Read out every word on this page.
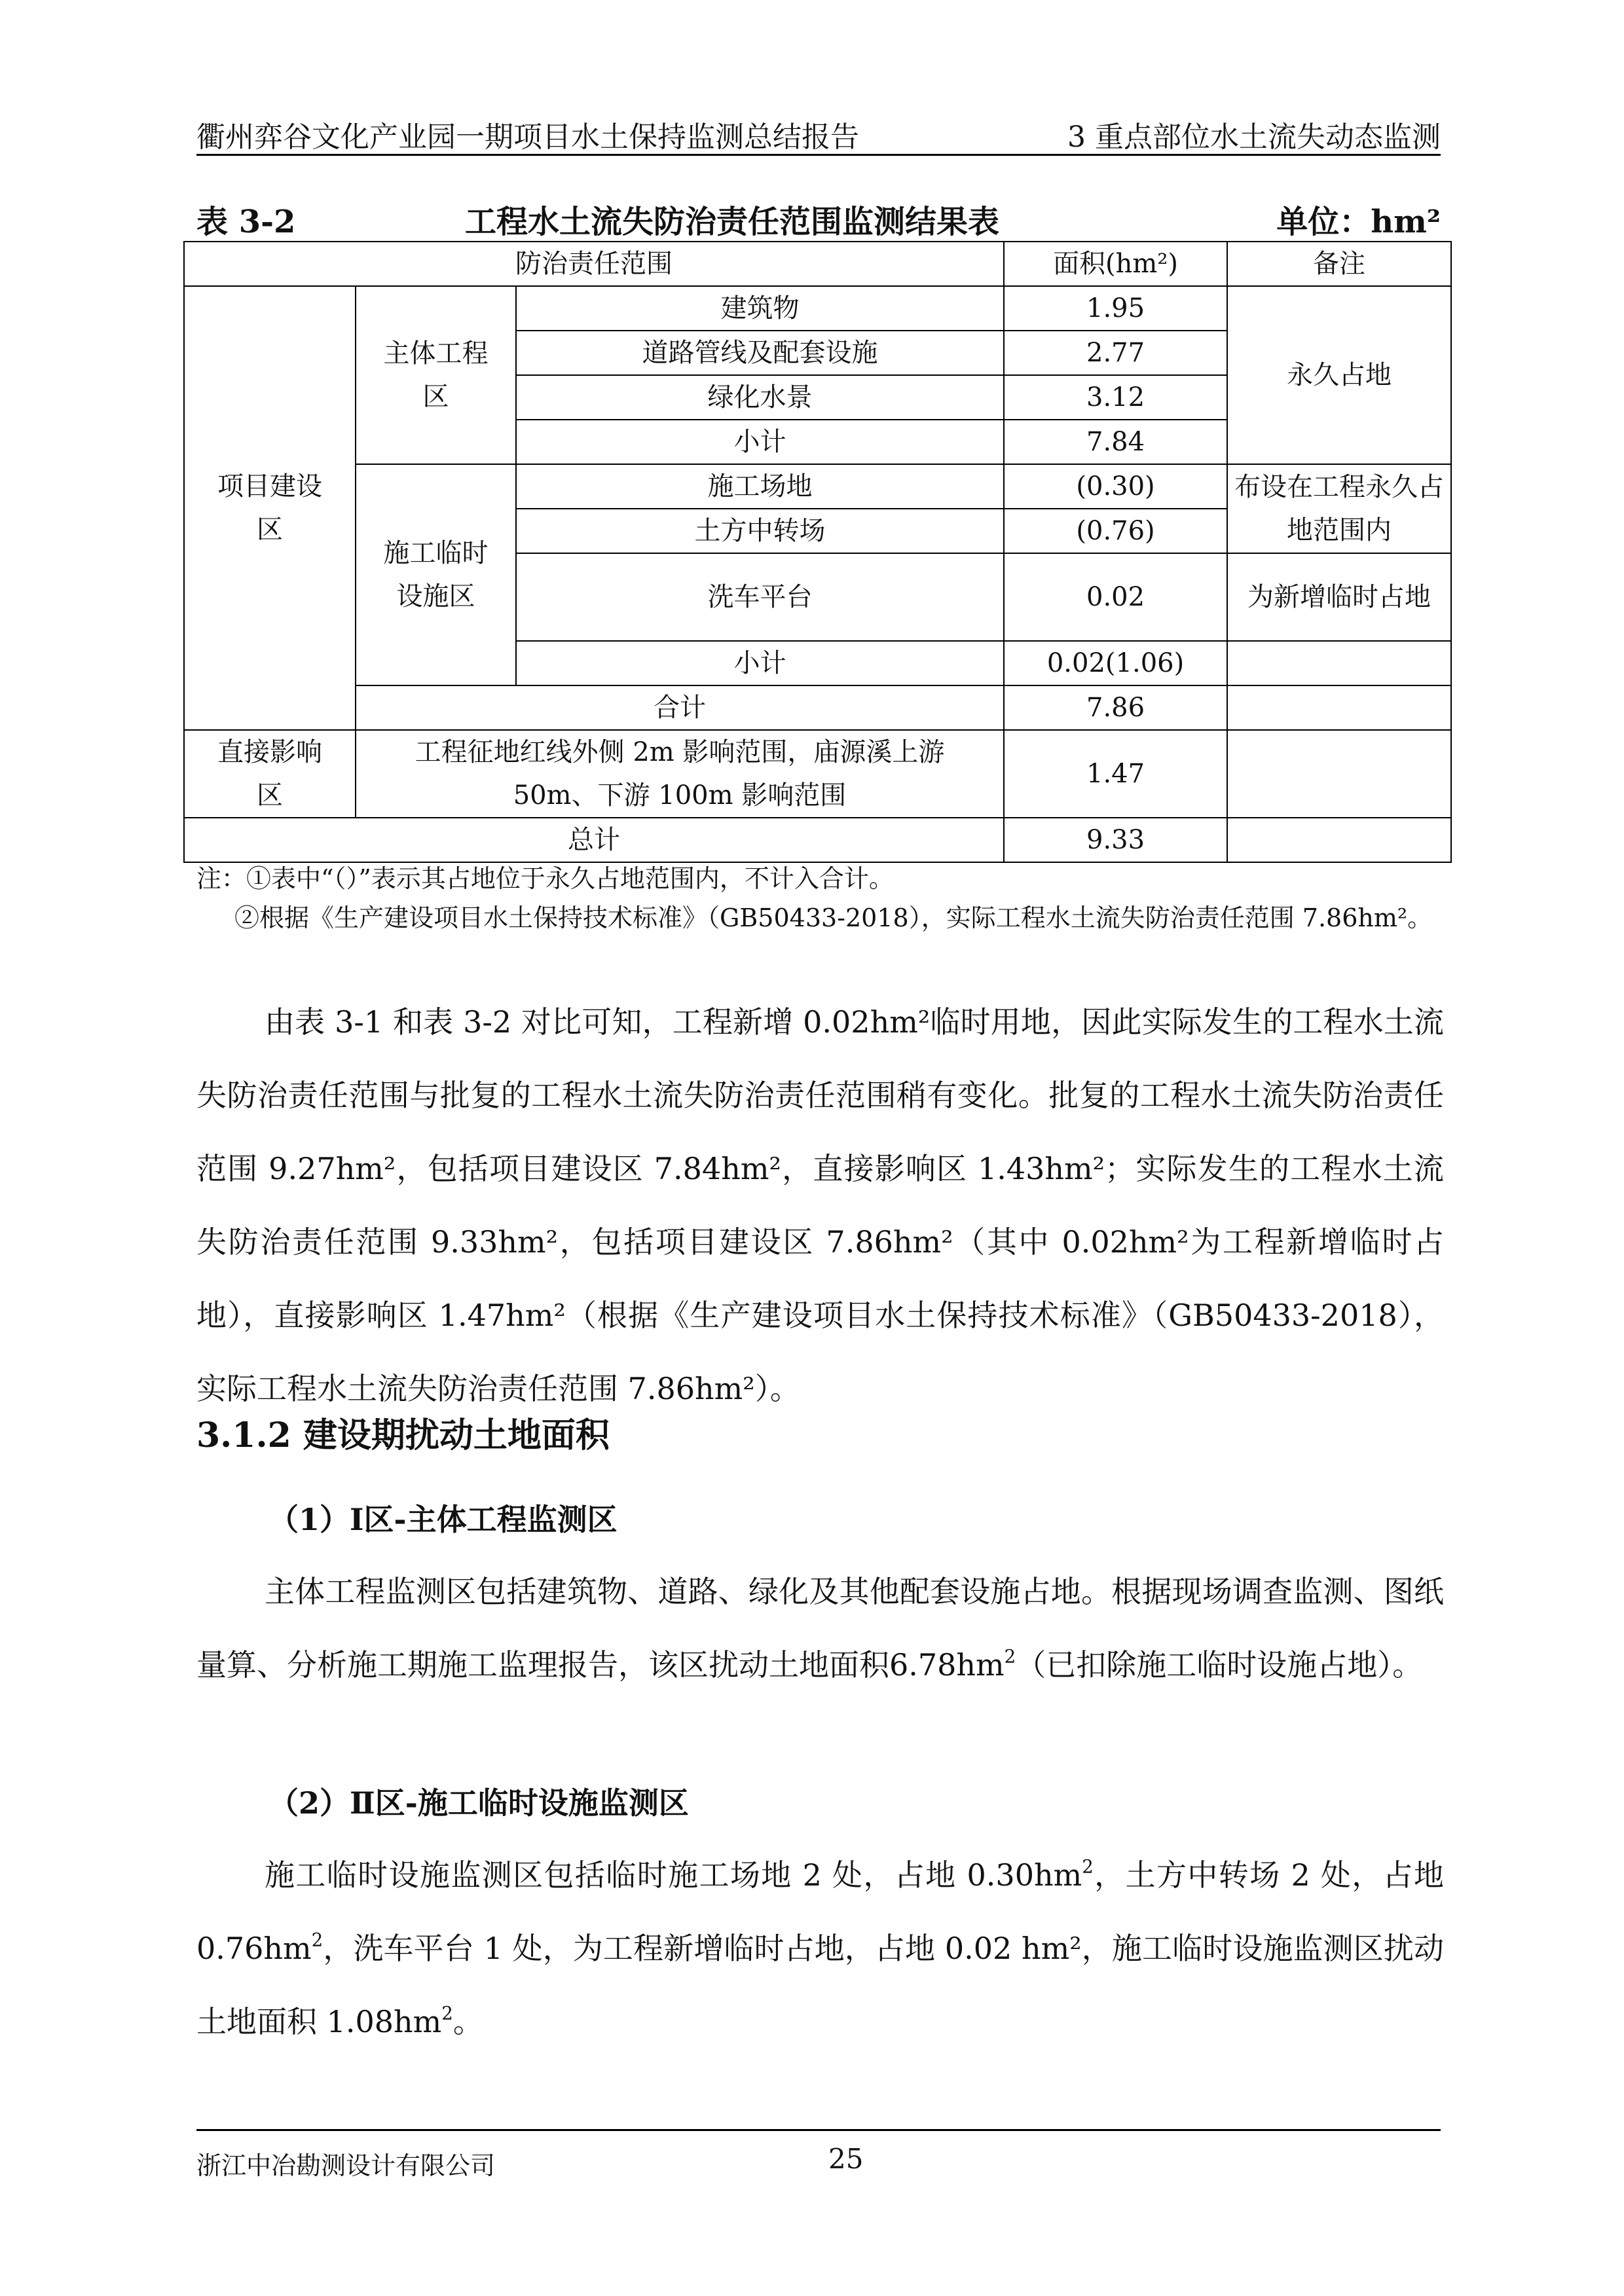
衢州弈谷文化产业园一期项目水土保持监测总结报告	3 重点部位水土流失动态监测
表 3-2	工程水土流失防治责任范围监测结果表	单位：hm²
防治责任范围			面积(hm²)	备注
项目建设区	主体工程区	建筑物	1.95	永久占地
		道路管线及配套设施	2.77	
		绿化水景	3.12	
		小计	7.84	
	施工临时设施区	施工场地	(0.30)	布设在工程永久占地范围内
		土方中转场	(0.76)	
		洗车平台	0.02	为新增临时占地
		小计	0.02(1.06)	
	合计		7.86	
直接影响区	工程征地红线外侧 2m 影响范围，庙源溪上游 50m、下游 100m 影响范围		1.47	
总计			9.33	
注：①表中“（）”表示其占地位于永久占地范围内，不计入合计。
②根据《生产建设项目水土保持技术标准》（GB50433-2018），实际工程水土流失防治责任范围 7.86hm²。
由表 3-1 和表 3-2 对比可知，工程新增 0.02hm²临时用地，因此实际发生的工程水土流失防治责任范围与批复的工程水土流失防治责任范围稍有变化。批复的工程水土流失防治责任范围 9.27hm²，包括项目建设区 7.84hm²，直接影响区 1.43hm²；实际发生的工程水土流失防治责任范围 9.33hm²，包括项目建设区 7.86hm²（其中 0.02hm²为工程新增临时占地），直接影响区 1.47hm²（根据《生产建设项目水土保持技术标准》（GB50433-2018），实际工程水土流失防治责任范围 7.86hm²）。
3.1.2 建设期扰动土地面积
（1）Ⅰ区-主体工程监测区
主体工程监测区包括建筑物、道路、绿化及其他配套设施占地。根据现场调查监测、图纸量算、分析施工期施工监理报告，该区扰动土地面积$6.78hm^2$（已扣除施工临时设施占地）。
（2）Ⅱ区-施工临时设施监测区
施工临时设施监测区包括临时施工场地 2 处，占地 $0.30hm^2$，土方中转场 2 处，占地 $0.76hm^2$，洗车平台 1 处，为工程新增临时占地，占地 0.02 hm²，施工临时设施监测区扰动土地面积 $1.08hm^2$。
浙江中冶勘测设计有限公司	25
